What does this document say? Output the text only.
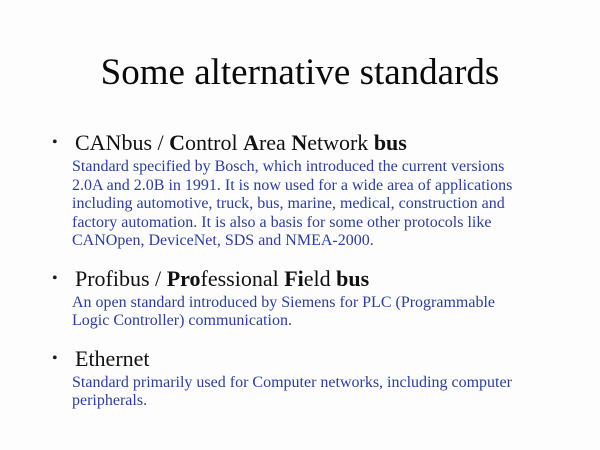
Some alternative standards
• CANbus / Control Area Network bus
Standard specified by Bosch, which introduced the current versions
2.0A and 2.0B in 1991. It is now used for a wide area of applications
including automotive, truck, bus, marine, medical, construction and
factory automation. It is also a basis for some other protocols like
CANOpen, DeviceNet, SDS and NMEA-2000.
• Profibus / Professional Field bus
An open standard introduced by Siemens for PLC (Programmable
Logic Controller) communication.
• Ethernet
Standard primarily used for Computer networks, including computer
peripherals.
